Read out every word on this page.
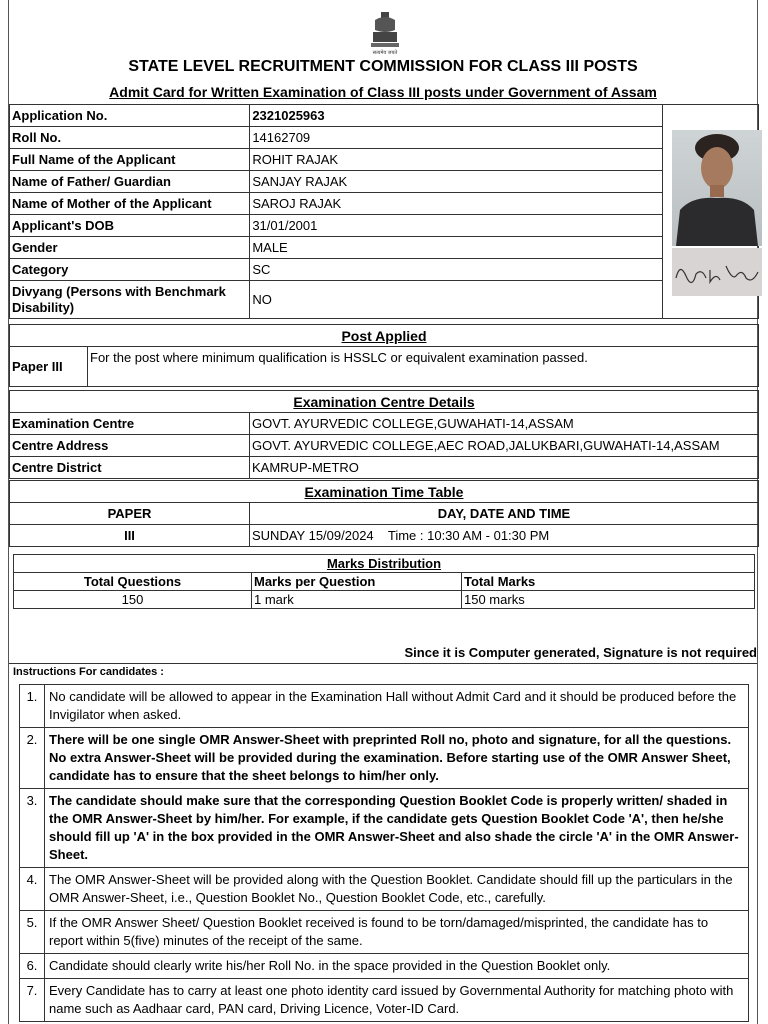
सत्यमेव जयते
STATE LEVEL RECRUITMENT COMMISSION FOR CLASS III POSTS
Admit Card for Written Examination of Class III posts under Government of Assam
Application No.	2321025963	
Roll No.	14162709	
Full Name of the Applicant	ROHIT RAJAK	
Name of Father/ Guardian	SANJAY RAJAK	
Name of Mother of the Applicant	SAROJ RAJAK	
Applicant's DOB	31/01/2001	
Gender	MALE	
Category	SC	
Divyang (Persons with Benchmark Disability)	NO	
Post Applied
Paper III	For the post where minimum qualification is HSSLC or equivalent examination passed.
Examination Centre Details	
Examination Centre	GOVT. AYURVEDIC COLLEGE,GUWAHATI-14,ASSAM
Centre Address	GOVT. AYURVEDIC COLLEGE,AEC ROAD,JALUKBARI,GUWAHATI-14,ASSAM
Centre District	KAMRUP-METRO
Examination Time Table	
PAPER	DAY, DATE AND TIME
III	SUNDAY 15/09/2024    Time : 10:30 AM - 01:30 PM
Marks Distribution		
Total Questions	Marks per Question	Total Marks
150	1 mark	150 marks
Since it is Computer generated, Signature is not required
Instructions For candidates :
1.	No candidate will be allowed to appear in the Examination Hall without Admit Card and it should be produced before the Invigilator when asked.
2.	There will be one single OMR Answer-Sheet with preprinted Roll no, photo and signature, for all the questions. No extra Answer-Sheet will be provided during the examination. Before starting use of the OMR Answer Sheet, candidate has to ensure that the sheet belongs to him/her only.
3.	The candidate should make sure that the corresponding Question Booklet Code is properly written/ shaded in the OMR Answer-Sheet by him/her. For example, if the candidate gets Question Booklet Code 'A', then he/she should fill up 'A' in the box provided in the OMR Answer-Sheet and also shade the circle 'A' in the OMR Answer-Sheet.
4.	The OMR Answer-Sheet will be provided along with the Question Booklet. Candidate should fill up the particulars in the OMR Answer-Sheet, i.e., Question Booklet No., Question Booklet Code, etc., carefully.
5.	If the OMR Answer Sheet/ Question Booklet received is found to be torn/damaged/misprinted, the candidate has to report within 5(five) minutes of the receipt of the same.
6.	Candidate should clearly write his/her Roll No. in the space provided in the Question Booklet only.
7.	Every Candidate has to carry at least one photo identity card issued by Governmental Authority for matching photo with name such as Aadhaar card, PAN card, Driving Licence, Voter-ID Card.
